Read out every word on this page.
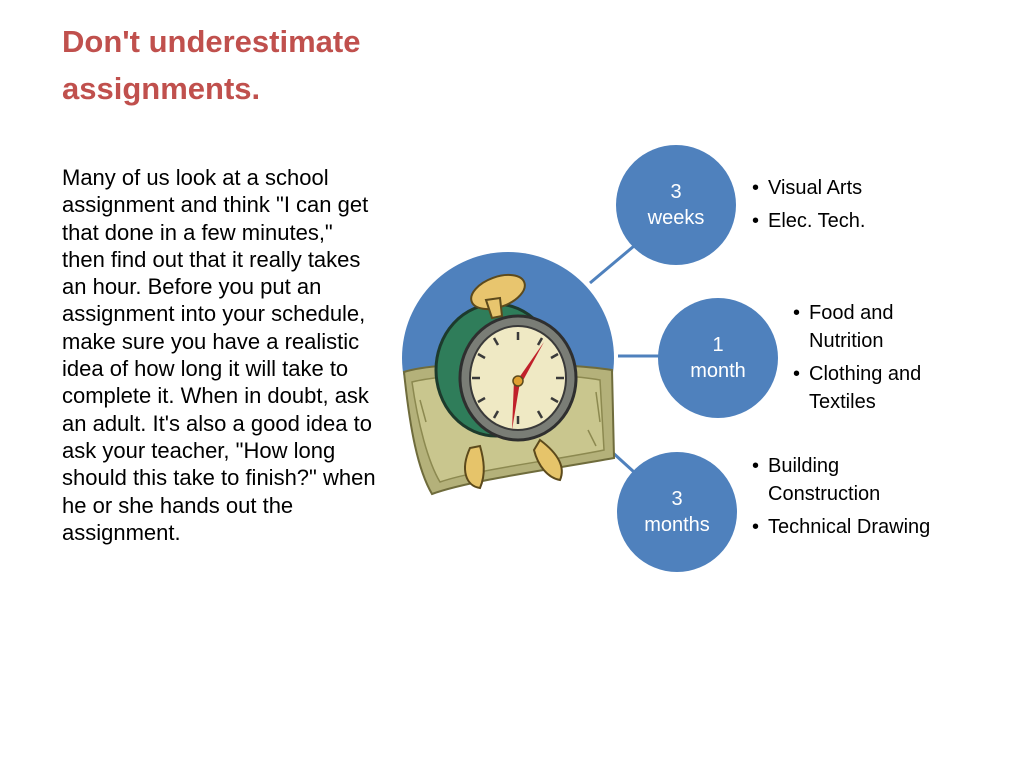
Don't underestimate assignments.

Many of us look at a school assignment and think "I can get that done in a few minutes," then find out that it really takes an hour. Before you put an assignment into your schedule, make sure you have a realistic idea of how long it will take to complete it. When in doubt, ask an adult. It's also a good idea to ask your teacher, "How long should this take to finish?" when he or she hands out the assignment.

3
weeks
• Visual Arts
• Elec. Tech.
1
month
• Food and Nutrition
• Clothing and Textiles
3
months
• Building Construction
• Technical Drawing
